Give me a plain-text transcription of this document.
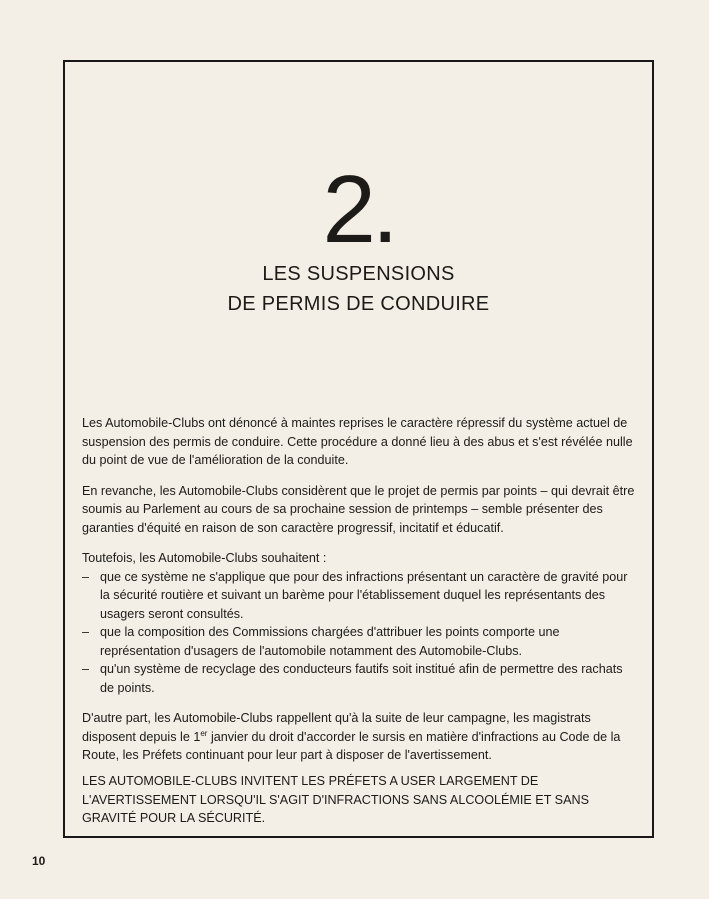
2.
LES SUSPENSIONS
DE PERMIS DE CONDUIRE

Les Automobile-Clubs ont dénoncé à maintes reprises le caractère répressif du système actuel de suspension des permis de conduire. Cette procédure a donné lieu à des abus et s'est révélée nulle du point de vue de l'amélioration de la conduite.

En revanche, les Automobile-Clubs considèrent que le projet de permis par points – qui devrait être soumis au Parlement au cours de sa prochaine session de printemps – semble présenter des garanties d'équité en raison de son caractère progressif, incitatif et éducatif.

Toutefois, les Automobile-Clubs souhaitent :

– que ce système ne s'applique que pour des infractions présentant un caractère de gravité pour la sécurité routière et suivant un barème pour l'établissement duquel les représentants des usagers seront consultés.
– que la composition des Commissions chargées d'attribuer les points comporte une représentation d'usagers de l'automobile notamment des Automobile-Clubs.
– qu'un système de recyclage des conducteurs fautifs soit institué afin de permettre des rachats de points.

D'autre part, les Automobile-Clubs rappellent qu'à la suite de leur campagne, les magistrats disposent depuis le 1er janvier du droit d'accorder le sursis en matière d'infractions au Code de la Route, les Préfets continuant pour leur part à disposer de l'avertissement.

LES AUTOMOBILE-CLUBS INVITENT LES PRÉFETS A USER LARGEMENT DE L'AVERTISSEMENT LORSQU'IL S'AGIT D'INFRACTIONS SANS ALCOOLÉMIE ET SANS GRAVITÉ POUR LA SÉCURITÉ.
10
